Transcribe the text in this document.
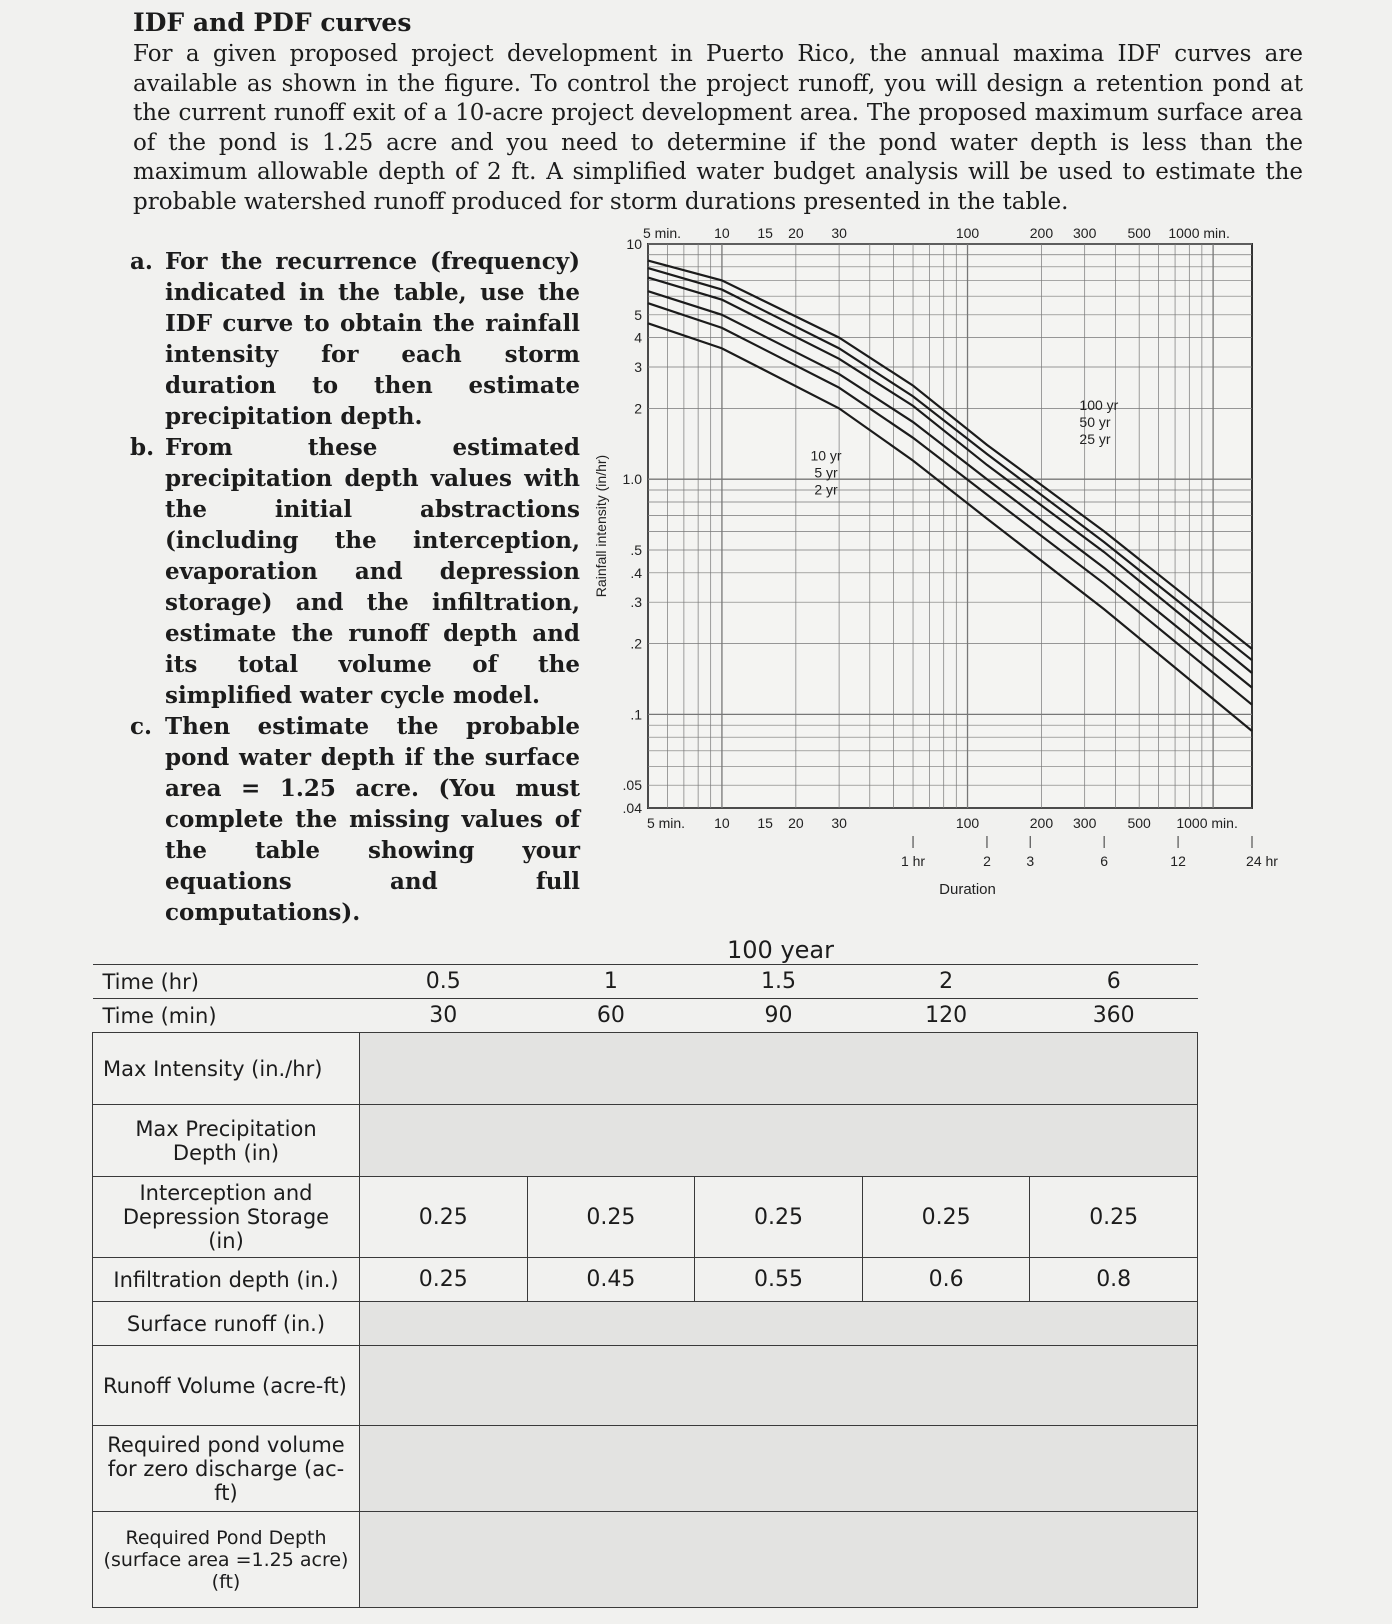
IDF and PDF curves
For a given proposed project development in Puerto Rico, the annual maxima IDF curves are available as shown in the figure. To control the project runoff, you will design a retention pond at the current runoff exit of a 10-acre project development area. The proposed maximum surface area of the pond is 1.25 acre and you need to determine if the pond water depth is less than the maximum allowable depth of 2 ft. A simplified water budget analysis will be used to estimate the probable watershed runoff produced for storm durations presented in the table.
a. For the recurrence (frequency) indicated in the table, use the IDF curve to obtain the rainfall intensity for each storm duration to then estimate precipitation depth.
b. From these estimated precipitation depth values with the initial abstractions (including the interception, evaporation and depression storage) and the infiltration, estimate the runoff depth and its total volume of the simplified water cycle model.
c. Then estimate the probable pond water depth if the surface area = 1.25 acre. (You must complete the missing values of the table showing your equations and full computations).
5 min. 10 15 20 30	100	200 300 500 1000 min.
5 min. 10 15 20 30	100	200 300 500 1000 min.
1 hr	2	3	6	12	24 hr
Duration
10
5
4
3
2
1.0
.5
.4
.3
.2
.1
.05
.04
Rainfall intensity (in/hr)	10 yr
5 yr
2 yr
100 yr
50 yr
25 yr
100 year
Time (hr)	0.5	1	1.5	2	6
Time (min)	30	60	90	120	360
Max Intensity (in./hr)					
Max Precipitation Depth (in)					
Interception and Depression Storage (in)	0.25	0.25	0.25	0.25	0.25
Infiltration depth (in.)	0.25	0.45	0.55	0.6	0.8
Surface runoff (in.)					
Runoff Volume (acre-ft)					
Required pond volume for zero discharge (ac-ft)					
Required Pond Depth (surface area =1.25 acre) (ft)					
